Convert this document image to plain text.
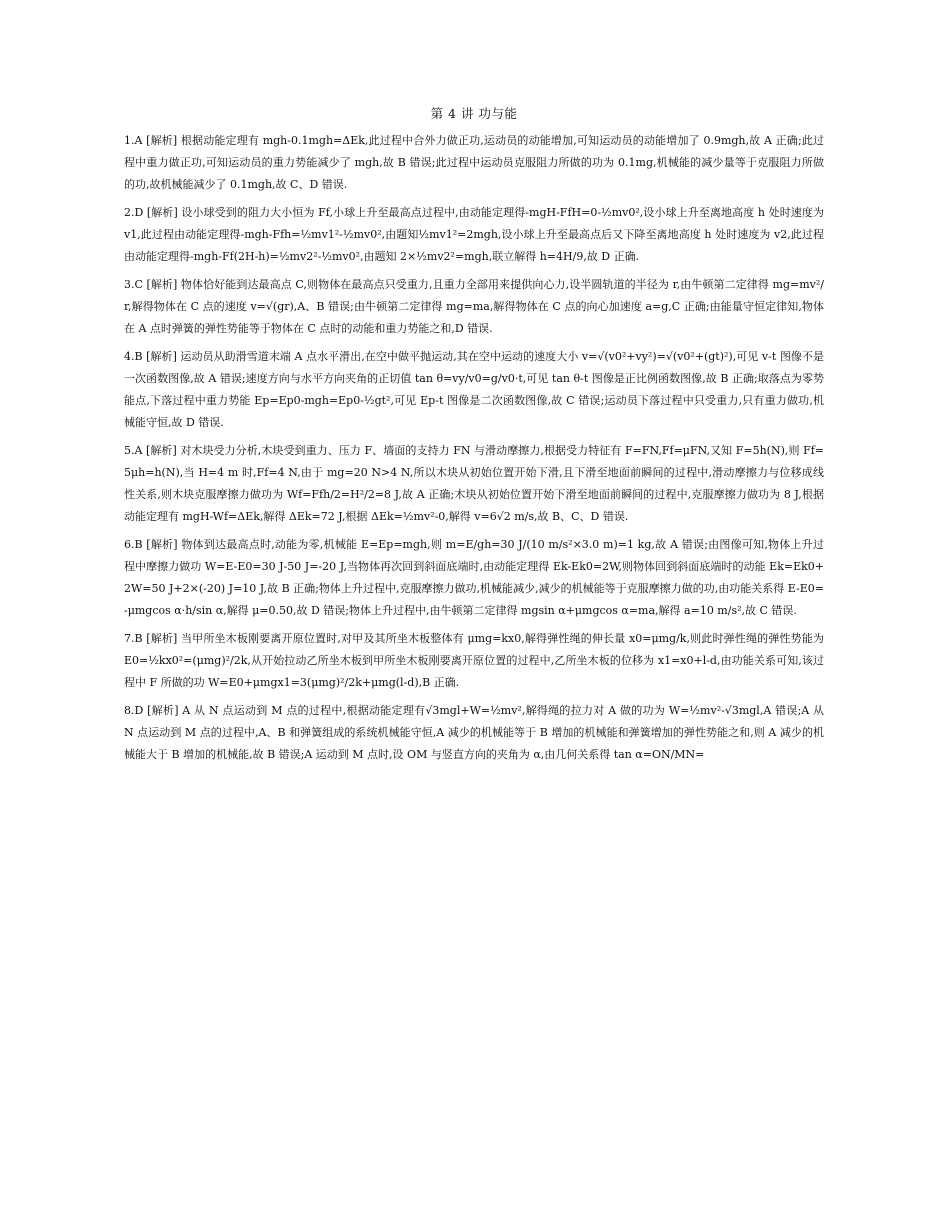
第 4 讲 功与能
1.A [解析] 根据动能定理有 mgh-0.1mgh=ΔEk,此过程中合外力做正功,运动员的动能增加,可知运动员的动能增加了 0.9mgh,故 A 正确;此过程中重力做正功,可知运动员的重力势能减少了 mgh,故 B 错误;此过程中运动员克服阻力所做的功为 0.1mg,机械能的减少量等于克服阻力所做的功,故机械能减少了 0.1mgh,故 C、D 错误.
2.D [解析] 设小球受到的阻力大小恒为 Ff,小球上升至最高点过程中,由动能定理得-mgH-FfH=0-½mv0²,设小球上升至离地高度 h 处时速度为 v1,此过程由动能定理得-mgh-Ffh=½mv1²-½mv0²,由题知½mv1²=2mgh,设小球上升至最高点后又下降至离地高度 h 处时速度为 v2,此过程由动能定理得-mgh-Ff(2H-h)=½mv2²-½mv0²,由题知 2×½mv2²=mgh,联立解得 h=4H/9,故 D 正确.
3.C [解析] 物体恰好能到达最高点 C,则物体在最高点只受重力,且重力全部用来提供向心力,设半圆轨道的半径为 r,由牛顿第二定律得 mg=mv²/r,解得物体在 C 点的速度 v=√(gr),A、B 错误;由牛顿第二定律得 mg=ma,解得物体在 C 点的向心加速度 a=g,C 正确;由能量守恒定律知,物体在 A 点时弹簧的弹性势能等于物体在 C 点时的动能和重力势能之和,D 错误.
4.B [解析] 运动员从助滑雪道末端 A 点水平滑出,在空中做平抛运动,其在空中运动的速度大小 v=√(v0²+vy²)=√(v0²+(gt)²),可见 v-t 图像不是一次函数图像,故 A 错误;速度方向与水平方向夹角的正切值 tan θ=vy/v0=g/v0·t,可见 tan θ-t 图像是正比例函数图像,故 B 正确;取落点为零势能点,下落过程中重力势能 Ep=Ep0-mgh=Ep0-½gt²,可见 Ep-t 图像是二次函数图像,故 C 错误;运动员下落过程中只受重力,只有重力做功,机械能守恒,故 D 错误.
5.A [解析] 对木块受力分析,木块受到重力、压力 F、墙面的支持力 FN 与滑动摩擦力,根据受力特征有 F=FN,Ff=μFN,又知 F=5h(N),则 Ff=5μh=h(N),当 H=4 m 时,Ff=4 N,由于 mg=20 N>4 N,所以木块从初始位置开始下滑,且下滑至地面前瞬间的过程中,滑动摩擦力与位移成线性关系,则木块克服摩擦力做功为 Wf=Ffh/2=H²/2=8 J,故 A 正确;木块从初始位置开始下滑至地面前瞬间的过程中,克服摩擦力做功为 8 J,根据动能定理有 mgH-Wf=ΔEk,解得 ΔEk=72 J,根据 ΔEk=½mv²-0,解得 v=6√2 m/s,故 B、C、D 错误.
6.B [解析] 物体到达最高点时,动能为零,机械能 E=Ep=mgh,则 m=E/gh=30 J/(10 m/s²×3.0 m)=1 kg,故 A 错误;由图像可知,物体上升过程中摩擦力做功 W=E-E0=30 J-50 J=-20 J,当物体再次回到斜面底端时,由动能定理得 Ek-Ek0=2W,则物体回到斜面底端时的动能 Ek=Ek0+2W=50 J+2×(-20) J=10 J,故 B 正确;物体上升过程中,克服摩擦力做功,机械能减少,减少的机械能等于克服摩擦力做的功,由功能关系得 E-E0=-μmgcos α·h/sin α,解得 μ=0.50,故 D 错误;物体上升过程中,由牛顿第二定律得 mgsin α+μmgcos α=ma,解得 a=10 m/s²,故 C 错误.
7.B [解析] 当甲所坐木板刚要离开原位置时,对甲及其所坐木板整体有 μmg=kx0,解得弹性绳的伸长量 x0=μmg/k,则此时弹性绳的弹性势能为 E0=½kx0²=(μmg)²/2k,从开始拉动乙所坐木板到甲所坐木板刚要离开原位置的过程中,乙所坐木板的位移为 x1=x0+l-d,由功能关系可知,该过程中 F 所做的功 W=E0+μmgx1=3(μmg)²/2k+μmg(l-d),B 正确.
8.D [解析] A 从 N 点运动到 M 点的过程中,根据动能定理有√3mgl+W=½mv²,解得绳的拉力对 A 做的功为 W=½mv²-√3mgl,A 错误;A 从 N 点运动到 M 点的过程中,A、B 和弹簧组成的系统机械能守恒,A 减少的机械能等于 B 增加的机械能和弹簧增加的弹性势能之和,则 A 减少的机械能大于 B 增加的机械能,故 B 错误;A 运动到 M 点时,设 OM 与竖直方向的夹角为 α,由几何关系得 tan α=ON/MN=
